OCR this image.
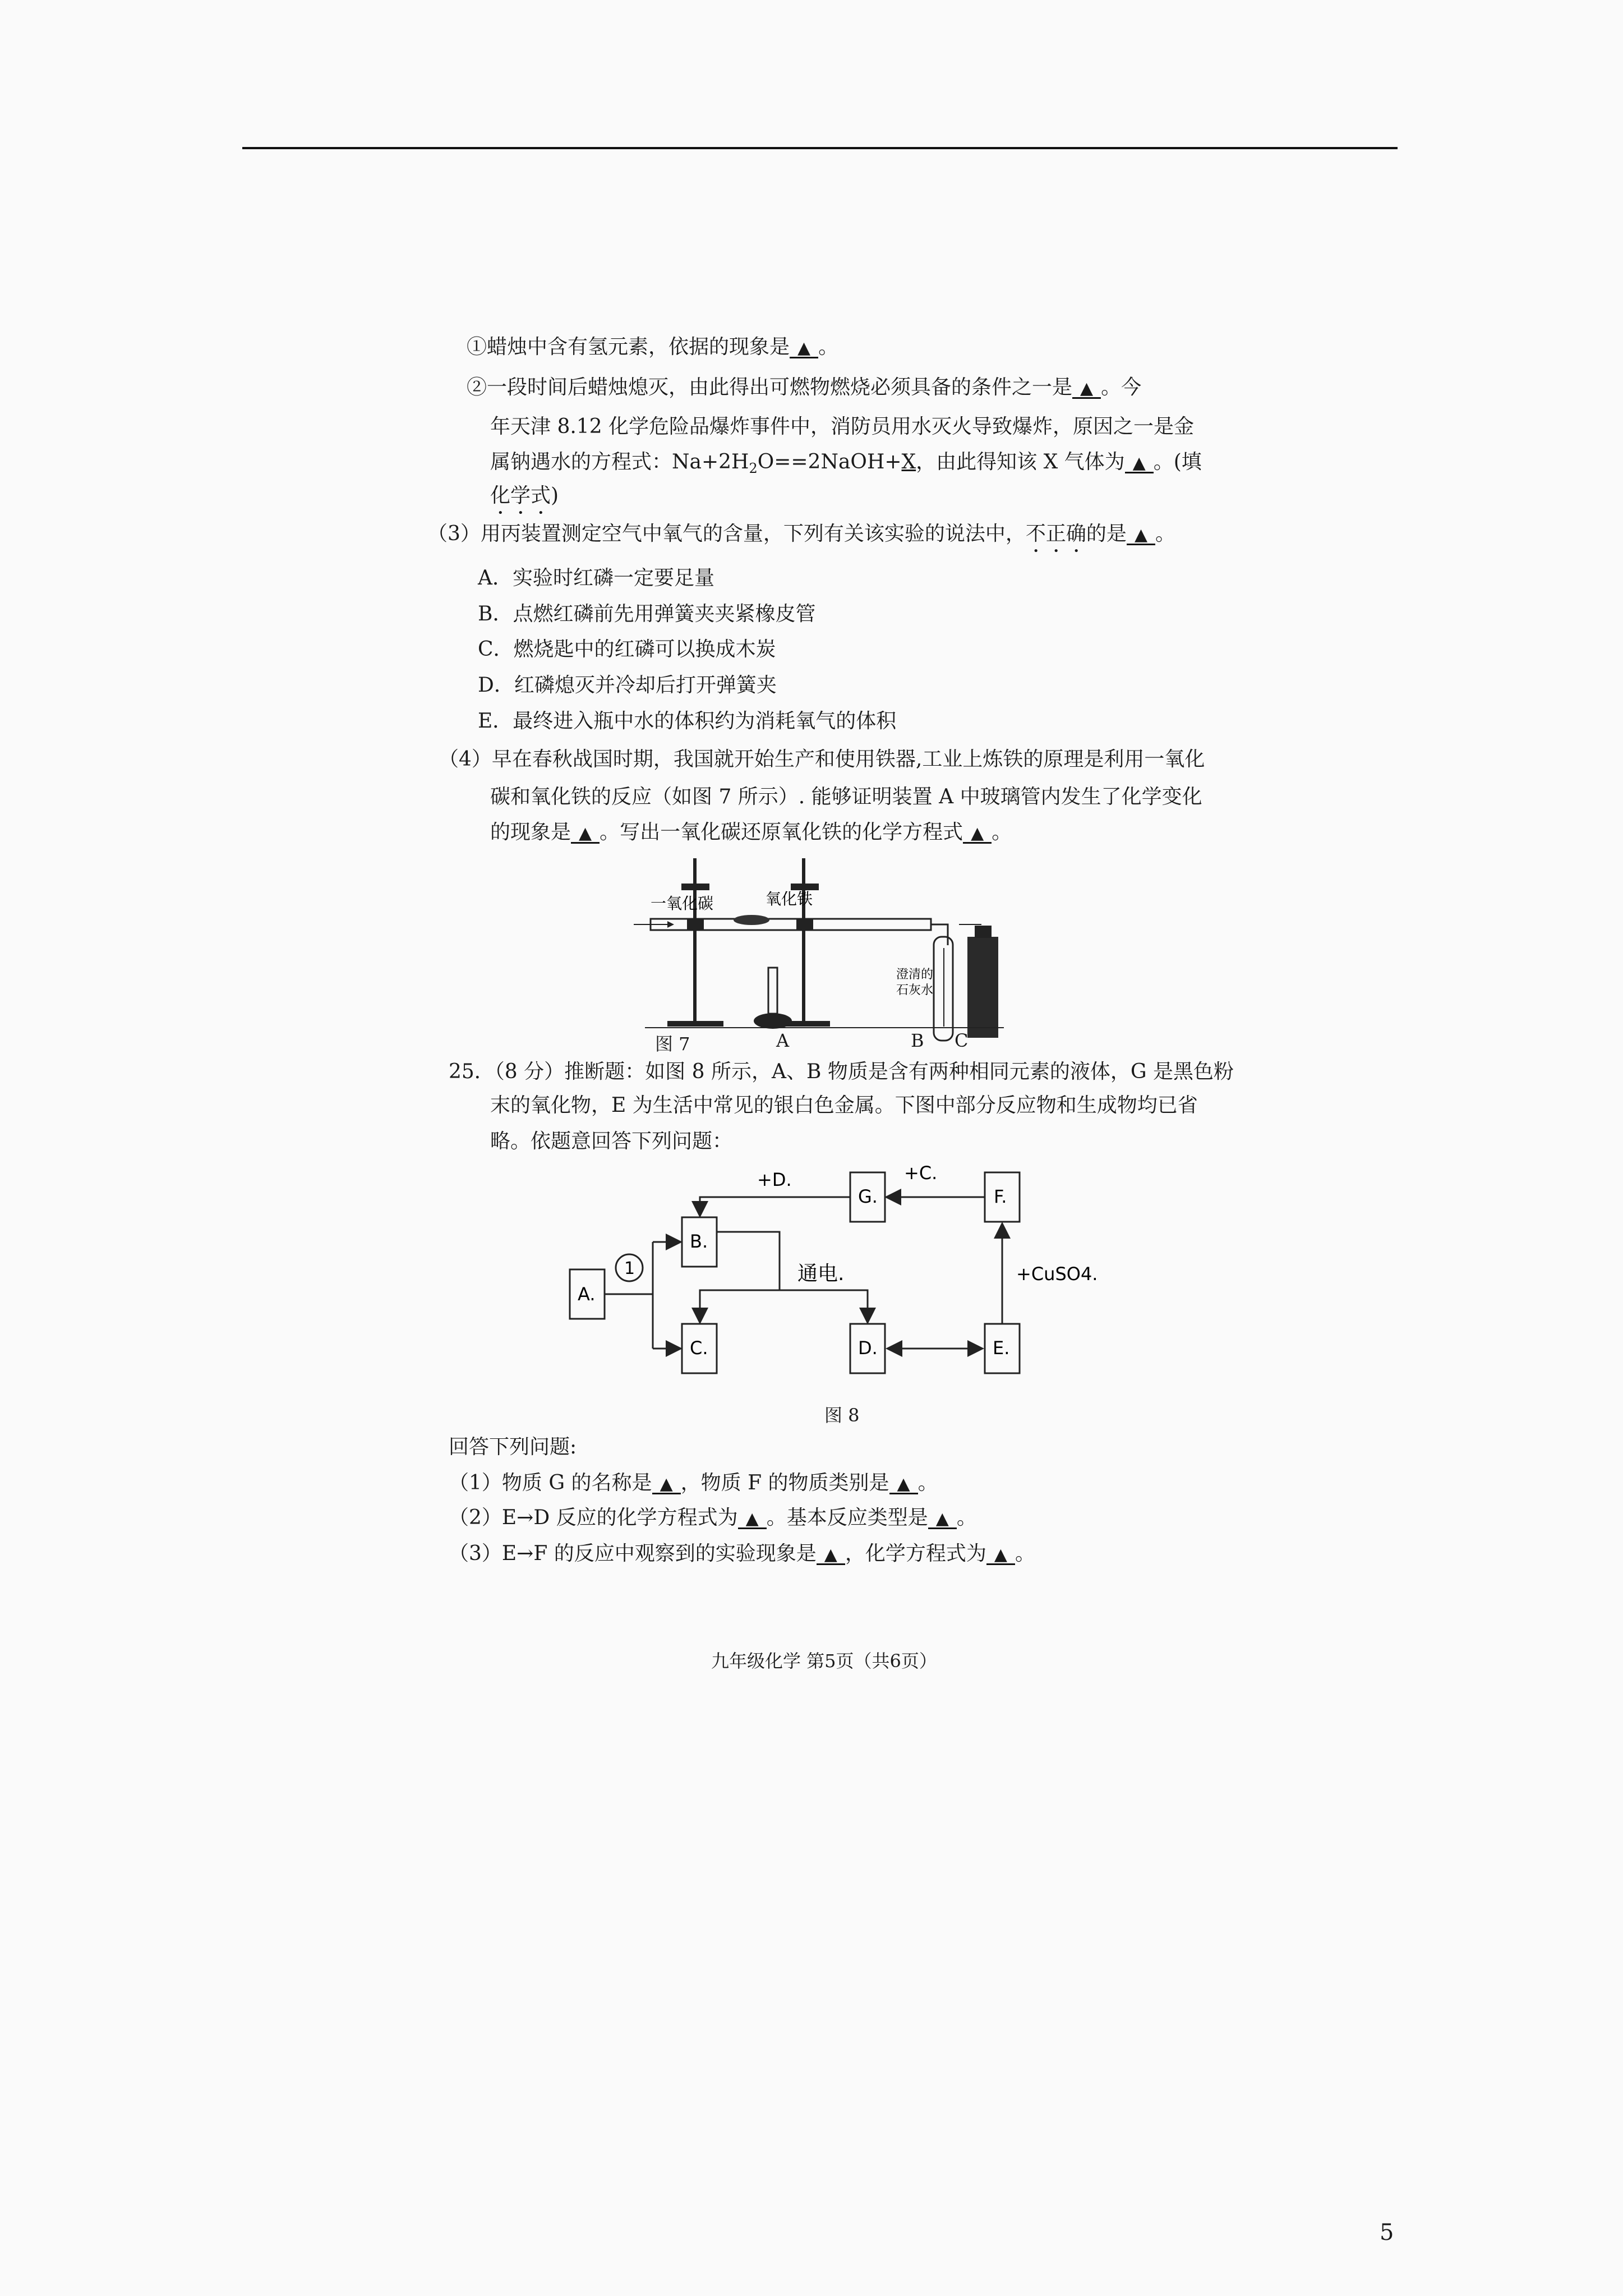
①蜡烛中含有氢元素，依据的现象是 ▲ 。
②一段时间后蜡烛熄灭，由此得出可燃物燃烧必须具备的条件之一是 ▲ 。今
年天津 8.12 化学危险品爆炸事件中，消防员用水灭火导致爆炸，原因之一是金
属钠遇水的方程式：$Na+2H_2O==2NaOH+X$，由此得知该 X 气体为 ▲ 。(填
化学式)
（3）用丙装置测定空气中氧气的含量，下列有关该实验的说法中，不正确的是 ▲ 。
A．实验时红磷一定要足量
B．点燃红磷前先用弹簧夹夹紧橡皮管
C．燃烧匙中的红磷可以换成木炭
D．红磷熄灭并冷却后打开弹簧夹
E．最终进入瓶中水的体积约为消耗氧气的体积
（4）早在春秋战国时期，我国就开始生产和使用铁器,工业上炼铁的原理是利用一氧化
碳和氧化铁的反应（如图 7 所示）. 能够证明装置 A 中玻璃管内发生了化学变化
的现象是 ▲ 。写出一氧化碳还原氧化铁的化学方程式 ▲ 。
一氧化碳	氧化铁
澄清的
石灰水
图 7	A	B C
25．（8 分）推断题：如图 8 所示，A、B 物质是含有两种相同元素的液体，G 是黑色粉
末的氧化物，E 为生活中常见的银白色金属。下图中部分反应物和生成物均已省
略。依题意回答下列问题：
A.
B.
C.	D.	E.
F.
G.
1	通电.
+D.	+C.
+CuSO4.
图 8
回答下列问题:
（1）物质 G 的名称是 ▲ ，物质 F 的物质类别是 ▲ 。
（2）E→D 反应的化学方程式为 ▲ 。基本反应类型是 ▲ 。
（3）E→F 的反应中观察到的实验现象是 ▲ ，化学方程式为 ▲ 。
九年级化学 第5页（共6页）
5
